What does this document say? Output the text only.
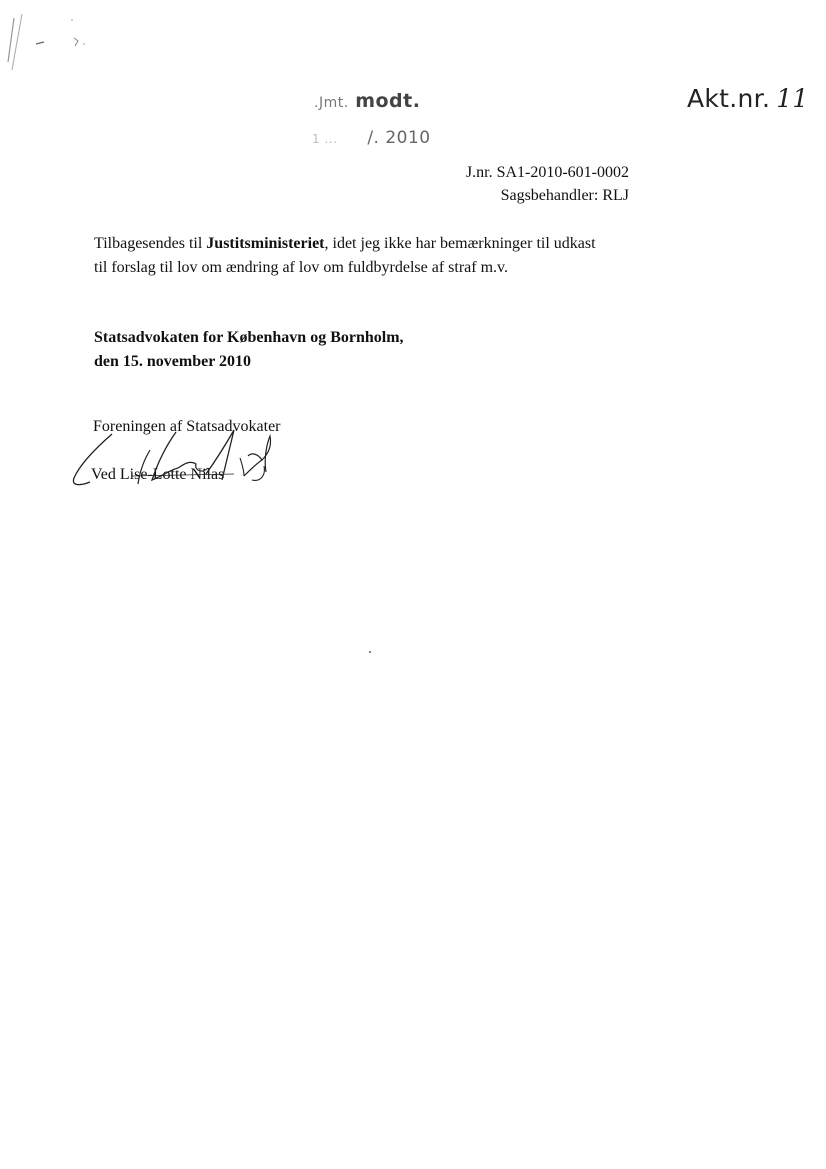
.Jmt. modt.
1 ... /. 2010
Akt.nr. 11
J.nr. SA1-2010-601-0002
Sagsbehandler: RLJ
Tilbagesendes til Justitsministeriet, idet jeg ikke har bemærkninger til udkast
til forslag til lov om ændring af lov om fuldbyrdelse af straf m.v.
Statsadvokaten for København og Bornholm,
den 15. november 2010
Foreningen af Statsadvokater
Ved Lise-Lotte Nilas
